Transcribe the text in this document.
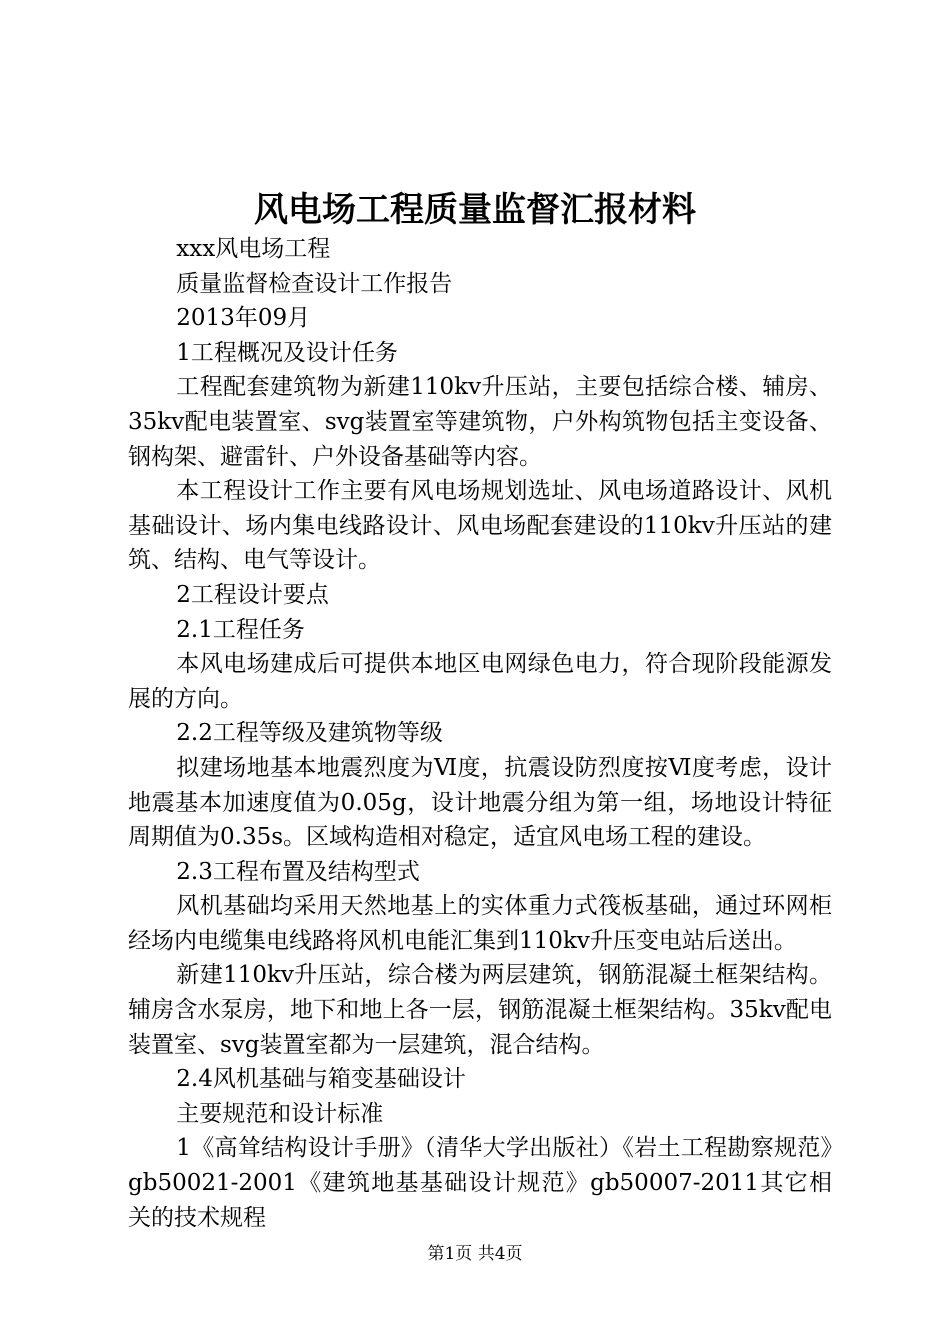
风电场工程质量监督汇报材料

xxx风电场工程

质量监督检查设计工作报告

2013年09月

1工程概况及设计任务

工程配套建筑物为新建110kv升压站，主要包括综合楼、辅房、35kv配电装置室、svg装置室等建筑物，户外构筑物包括主变设备、钢构架、避雷针、户外设备基础等内容。

本工程设计工作主要有风电场规划选址、风电场道路设计、风机基础设计、场内集电线路设计、风电场配套建设的110kv升压站的建筑、结构、电气等设计。

2工程设计要点

2.1工程任务

本风电场建成后可提供本地区电网绿色电力，符合现阶段能源发展的方向。

2.2工程等级及建筑物等级

拟建场地基本地震烈度为Ⅵ度，抗震设防烈度按Ⅵ度考虑，设计地震基本加速度值为0.05g，设计地震分组为第一组，场地设计特征周期值为0.35s。区域构造相对稳定，适宜风电场工程的建设。

2.3工程布置及结构型式

风机基础均采用天然地基上的实体重力式筏板基础，通过环网柜经场内电缆集电线路将风机电能汇集到110kv升压变电站后送出。

新建110kv升压站，综合楼为两层建筑，钢筋混凝土框架结构。辅房含水泵房，地下和地上各一层，钢筋混凝土框架结构。35kv配电装置室、svg装置室都为一层建筑，混合结构。

2.4风机基础与箱变基础设计

主要规范和设计标准

1《高耸结构设计手册》（清华大学出版社）《岩土工程勘察规范》gb50021-2001《建筑地基基础设计规范》gb50007-2011其它相关的技术规程

第1页 共4页
